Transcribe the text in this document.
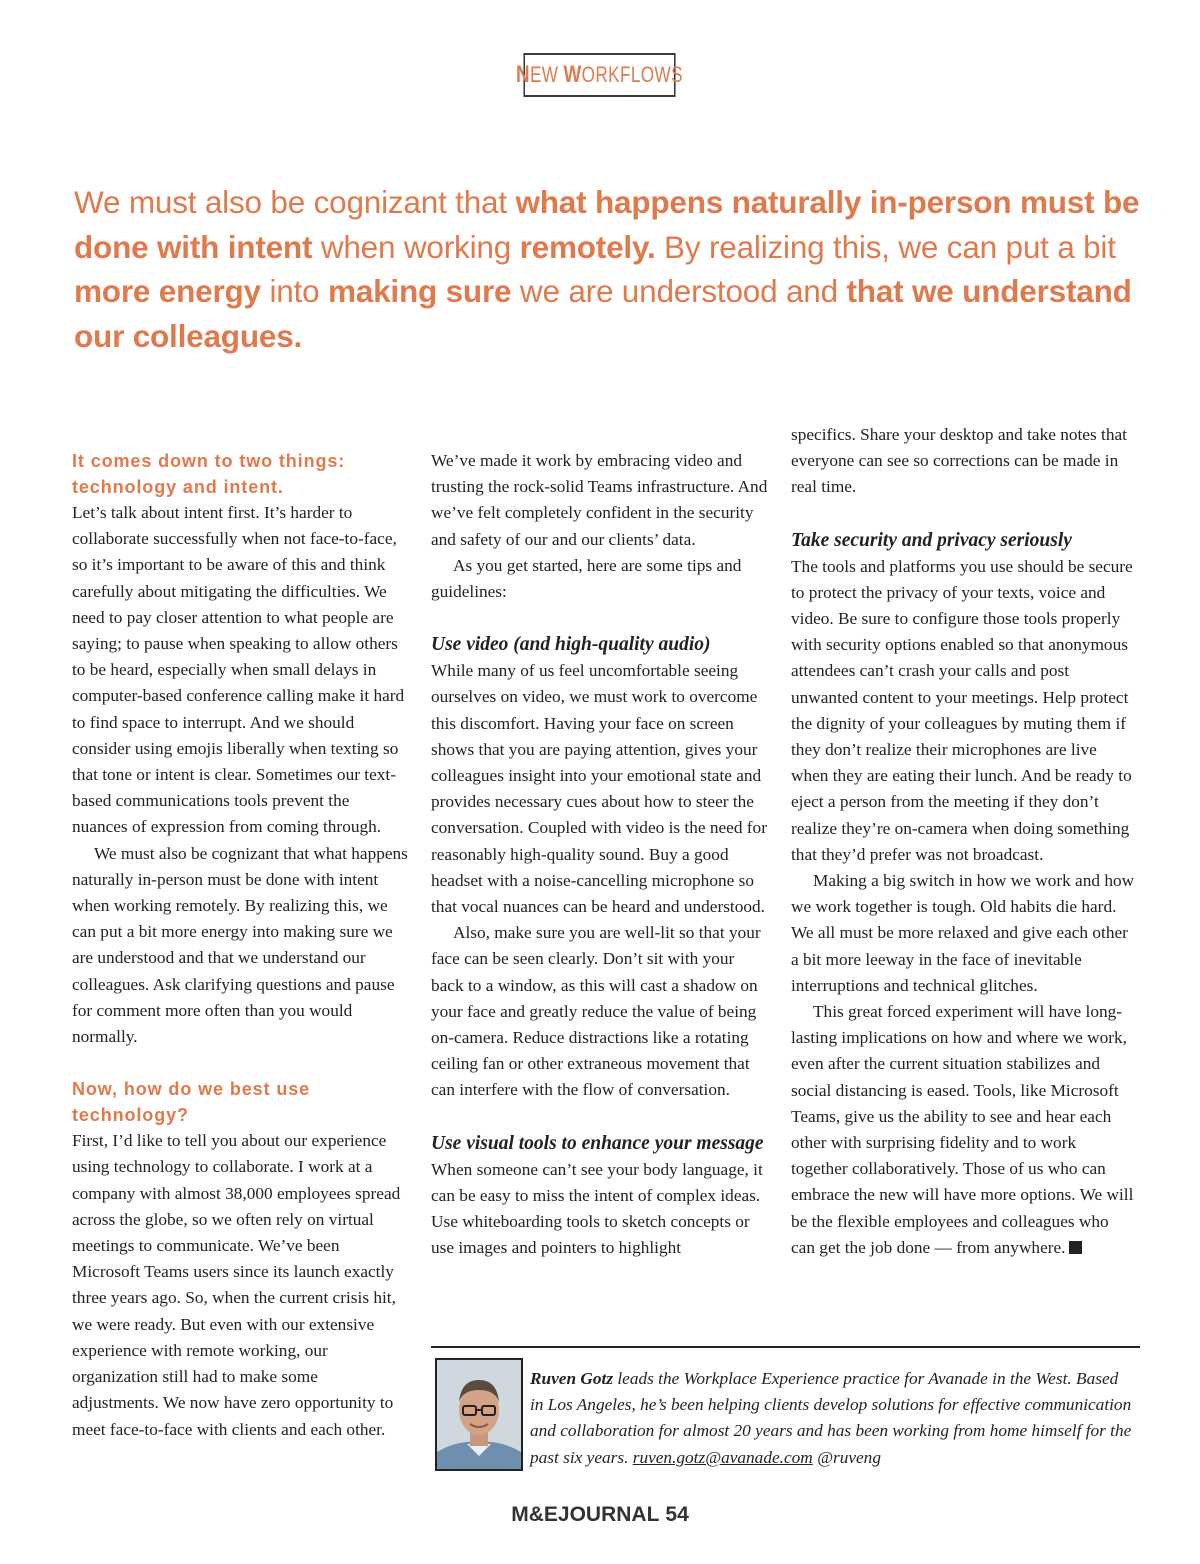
N EW W ORKFLOWS
We must also be cognizant that what happens naturally in-person must be done with intent when working remotely. By realizing this, we can put a bit more energy into making sure we are understood and that we understand our colleagues.

It comes down to two things: technology and intent.

Let’s talk about intent first. It’s harder to collaborate successfully when not face-to-face, so it’s important to be aware of this and think carefully about mitigating the difficulties. We need to pay closer attention to what people are saying; to pause when speaking to allow others to be heard, especially when small delays in computer-based conference calling make it hard to find space to interrupt. And we should consider using emojis liberally when texting so that tone or intent is clear. Sometimes our text-based communications tools prevent the nuances of expression from coming through.

We must also be cognizant that what happens naturally in-person must be done with intent when working remotely. By realizing this, we can put a bit more energy into making sure we are understood and that we understand our colleagues. Ask clarifying questions and pause for comment more often than you would normally.

Now, how do we best use technology?

First, I’d like to tell you about our experience using technology to collaborate. I work at a company with almost 38,000 employees spread across the globe, so we often rely on virtual meetings to communicate. We’ve been Microsoft Teams users since its launch exactly three years ago. So, when the current crisis hit, we were ready. But even with our extensive experience with remote working, our organization still had to make some adjustments. We now have zero opportunity to meet face-to-face with clients and each other.

We’ve made it work by embracing video and trusting the rock-solid Teams infrastructure. And we’ve felt completely confident in the security and safety of our and our clients’ data.

As you get started, here are some tips and guidelines:

Use video (and high-quality audio)

While many of us feel uncomfortable seeing ourselves on video, we must work to overcome this discomfort. Having your face on screen shows that you are paying attention, gives your colleagues insight into your emotional state and provides necessary cues about how to steer the conversation. Coupled with video is the need for reasonably high-quality sound. Buy a good headset with a noise-cancelling microphone so that vocal nuances can be heard and understood.

Also, make sure you are well-lit so that your face can be seen clearly. Don’t sit with your back to a window, as this will cast a shadow on your face and greatly reduce the value of being on-camera. Reduce distractions like a rotating ceiling fan or other extraneous movement that can interfere with the flow of conversation.

Use visual tools to enhance your message

When someone can’t see your body language, it can be easy to miss the intent of complex ideas. Use whiteboarding tools to sketch concepts or use images and pointers to highlight

specifics. Share your desktop and take notes that everyone can see so corrections can be made in real time.

Take security and privacy seriously

The tools and platforms you use should be secure to protect the privacy of your texts, voice and video. Be sure to configure those tools properly with security options enabled so that anonymous attendees can’t crash your calls and post unwanted content to your meetings. Help protect the dignity of your colleagues by muting them if they don’t realize their microphones are live when they are eating their lunch. And be ready to eject a person from the meeting if they don’t realize they’re on-camera when doing something that they’d prefer was not broadcast.

Making a big switch in how we work and how we work together is tough. Old habits die hard. We all must be more relaxed and give each other a bit more leeway in the face of inevitable interruptions and technical glitches.

This great forced experiment will have long-lasting implications on how and where we work, even after the current situation stabilizes and social distancing is eased. Tools, like Microsoft Teams, give us the ability to see and hear each other with surprising fidelity and to work together collaboratively. Those of us who can embrace the new will have more options. We will be the flexible employees and colleagues who can get the job done — from anywhere.

Ruven Gotz leads the Workplace Experience practice for Avanade in the West. Based in Los Angeles, he’s been helping clients develop solutions for effective communication and collaboration for almost 20 years and has been working from home himself for the past six years. ruven.gotz@avanade.com @ruveng
M&EJOURNAL 54
